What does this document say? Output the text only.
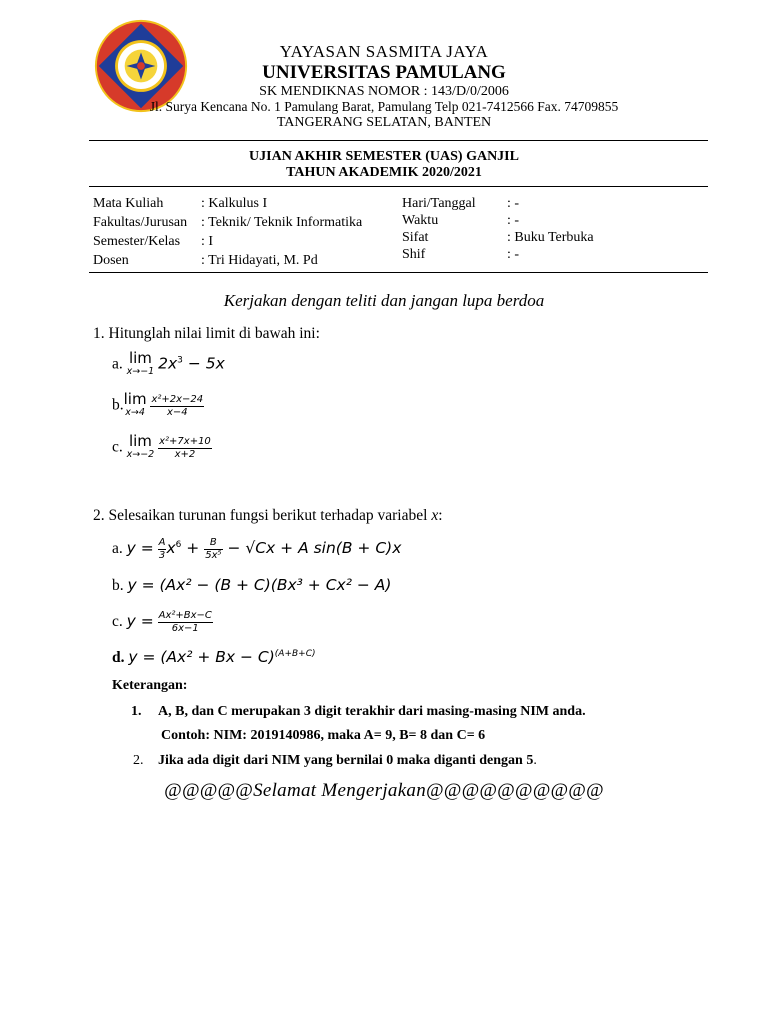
YAYASAN SASMITA JAYA
UNIVERSITAS PAMULANG
SK MENDIKNAS NOMOR : 143/D/0/2006
Jl. Surya Kencana No. 1 Pamulang Barat, Pamulang Telp 021-7412566 Fax. 74709855
TANGERANG SELATAN, BANTEN
UJIAN AKHIR SEMESTER (UAS) GANJIL
TAHUN AKADEMIK 2020/2021
Mata Kuliah	: Kalkulus I
Fakultas/Jurusan : Teknik/ Teknik Informatika
Semester/Kelas : I
Dosen	: Tri Hidayati, M. Pd
Hari/Tanggal : -
Waktu	: -
Sifat	: Buku Terbuka
Shif	: -
Kerjakan dengan teliti dan jangan lupa berdoa
1. Hitunglah nilai limit di bawah ini:
a. lim
x→−1 $2x^3 - 5x$
b. lim
x→4
$\frac{\text{x²+2x−24}}{x-4}$
c. lim
x→−2
$\frac{\text{x²+7x+10}}{x+2}$
2. Selesaikan turunan fungsi berikut terhadap variabel x:
a. $y = \frac{A}{3} x^6 + \frac{B}{\text{5x⁵}} - √Cx + A$ sin(B + C)x
b. y = (Ax² − (B + C)(Bx³ + Cx² − A)
c. $y = \frac{\text{Ax²+Bx−C}}{6x-1}$
d. $y = (Ax^2 + Bx - C)^{(A+B+C)}$
Keterangan:
1. A, B, dan C merupakan 3 digit terakhir dari masing-masing NIM anda.
Contoh: NIM: 2019140986, maka A= 9, B= 8 dan C= 6
2. Jika ada digit dari NIM yang bernilai 0 maka diganti dengan 5.
@@@@@Selamat Mengerjakan@@@@@@@@@@
